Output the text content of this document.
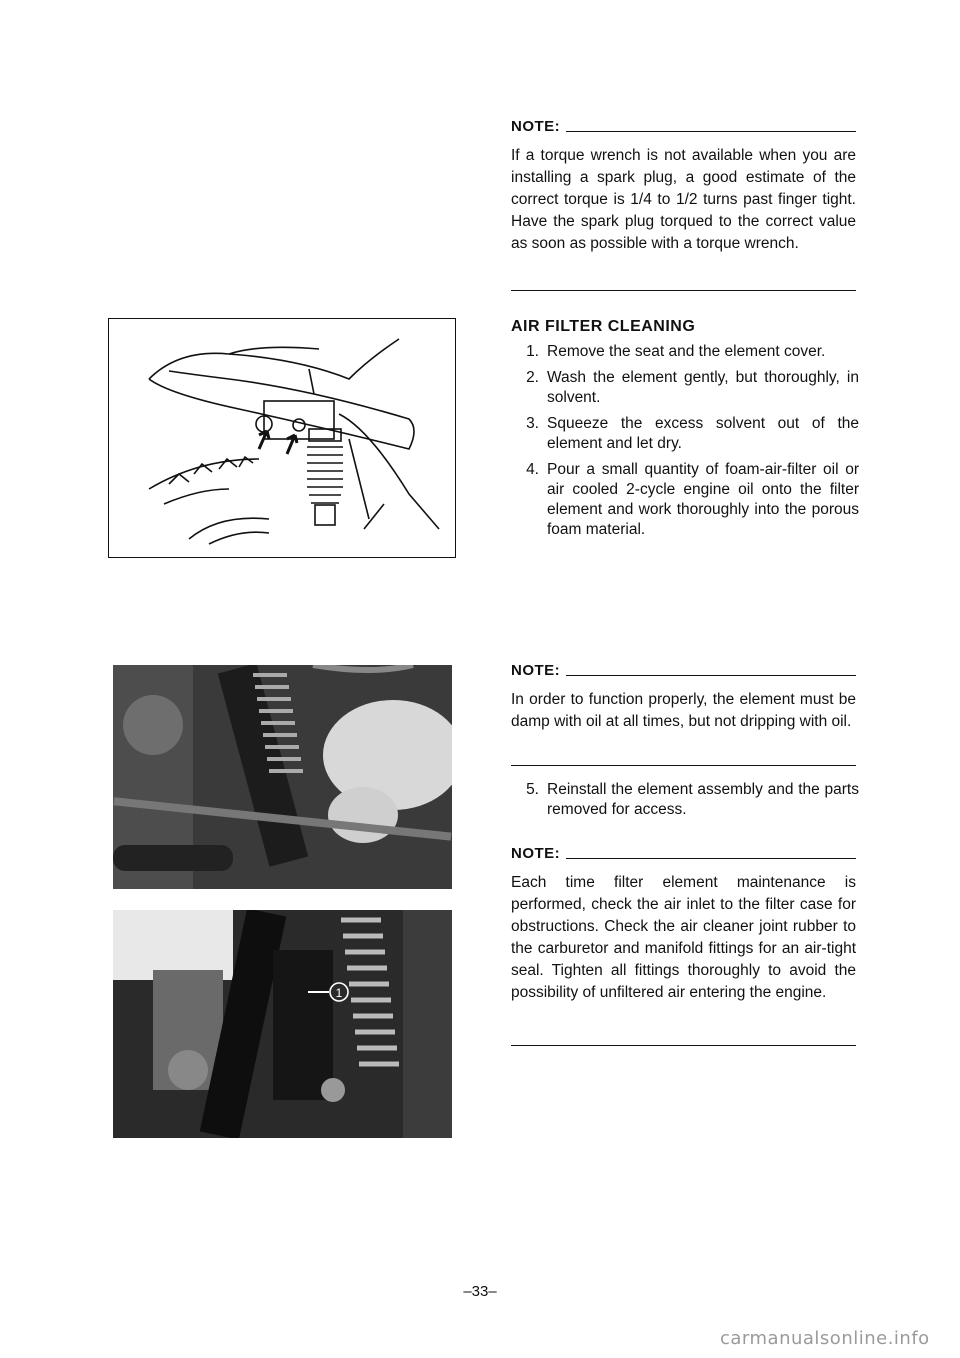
NOTE:
If a torque wrench is not available when you are installing a spark plug, a good estimate of the correct torque is 1/4 to 1/2 turns past finger tight. Have the spark plug torqued to the correct value as soon as possible with a torque wrench.
AIR FILTER CLEANING
1. Remove the seat and the element cover.
2. Wash the element gently, but thoroughly, in solvent.
3. Squeeze the excess solvent out of the element and let dry.
4. Pour a small quantity of foam-air-filter oil or air cooled 2-cycle engine oil onto the filter element and work thoroughly into the porous foam material.
NOTE:
In order to function properly, the element must be damp with oil at all times, but not dripping with oil.
5. Reinstall the element assembly and the parts removed for access.
NOTE:
Each time filter element maintenance is performed, check the air inlet to the filter case for obstructions. Check the air cleaner joint rubber to the carburetor and manifold fittings for an air-tight seal. Tighten all fittings thoroughly to avoid the possibility of unfiltered air entering the engine.
1
–33–
carmanualsonline.info
